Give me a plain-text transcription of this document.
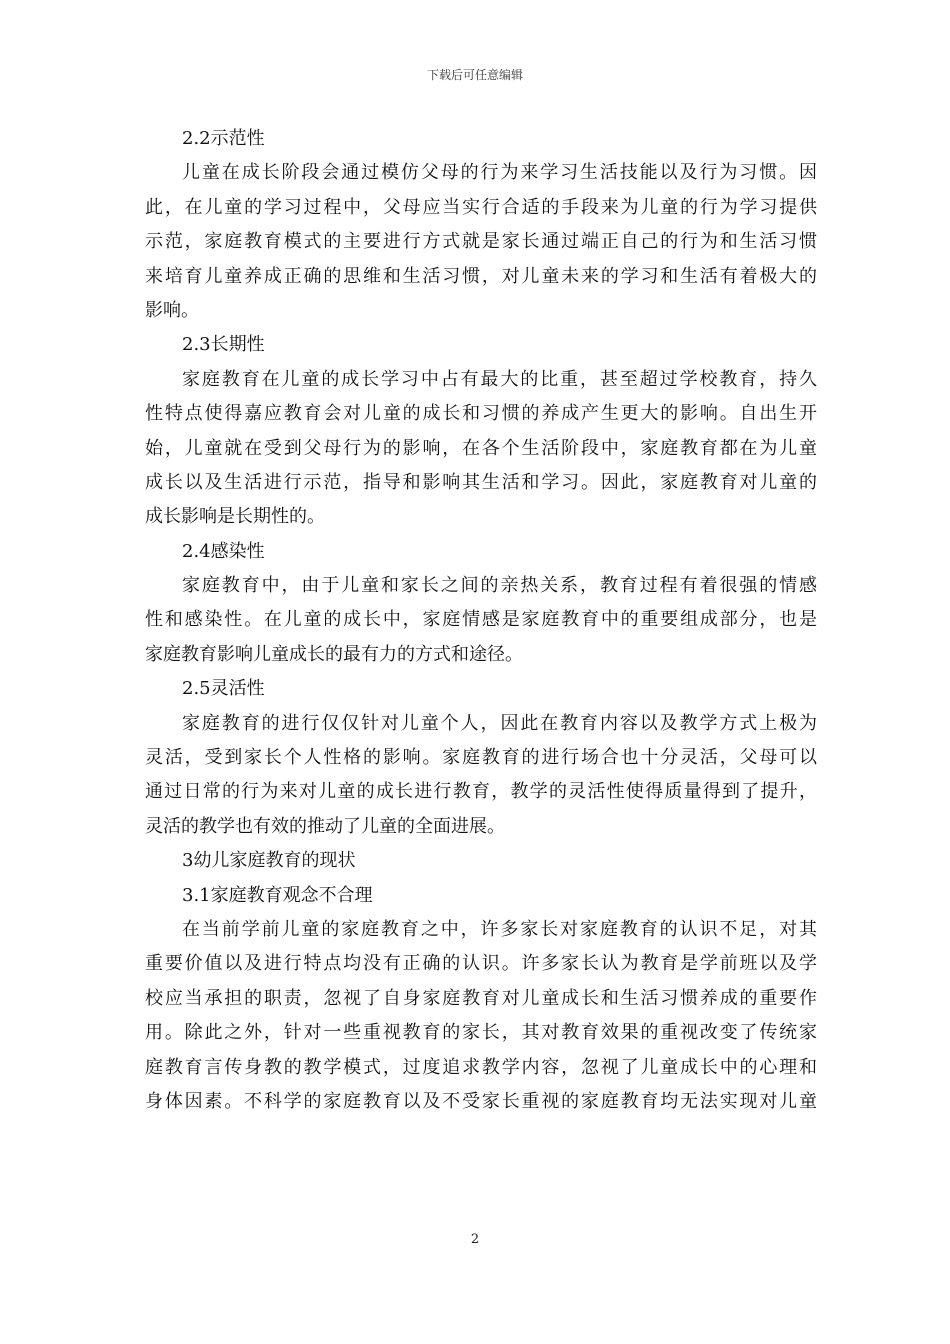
下载后可任意编辑
2.2示范性
儿童在成长阶段会通过模仿父母的行为来学习生活技能以及行为习惯。因
此，在儿童的学习过程中，父母应当实行合适的手段来为儿童的行为学习提供
示范，家庭教育模式的主要进行方式就是家长通过端正自己的行为和生活习惯
来培育儿童养成正确的思维和生活习惯，对儿童未来的学习和生活有着极大的
影响。
2.3长期性
家庭教育在儿童的成长学习中占有最大的比重，甚至超过学校教育，持久
性特点使得嘉应教育会对儿童的成长和习惯的养成产生更大的影响。自出生开
始，儿童就在受到父母行为的影响，在各个生活阶段中，家庭教育都在为儿童
成长以及生活进行示范，指导和影响其生活和学习。因此，家庭教育对儿童的
成长影响是长期性的。
2.4感染性
家庭教育中，由于儿童和家长之间的亲热关系，教育过程有着很强的情感
性和感染性。在儿童的成长中，家庭情感是家庭教育中的重要组成部分，也是
家庭教育影响儿童成长的最有力的方式和途径。
2.5灵活性
家庭教育的进行仅仅针对儿童个人，因此在教育内容以及教学方式上极为
灵活，受到家长个人性格的影响。家庭教育的进行场合也十分灵活，父母可以
通过日常的行为来对儿童的成长进行教育，教学的灵活性使得质量得到了提升，
灵活的教学也有效的推动了儿童的全面进展。
3幼儿家庭教育的现状
3.1家庭教育观念不合理
在当前学前儿童的家庭教育之中，许多家长对家庭教育的认识不足，对其
重要价值以及进行特点均没有正确的认识。许多家长认为教育是学前班以及学
校应当承担的职责，忽视了自身家庭教育对儿童成长和生活习惯养成的重要作
用。除此之外，针对一些重视教育的家长，其对教育效果的重视改变了传统家
庭教育言传身教的教学模式，过度追求教学内容，忽视了儿童成长中的心理和
身体因素。不科学的家庭教育以及不受家长重视的家庭教育均无法实现对儿童
2
